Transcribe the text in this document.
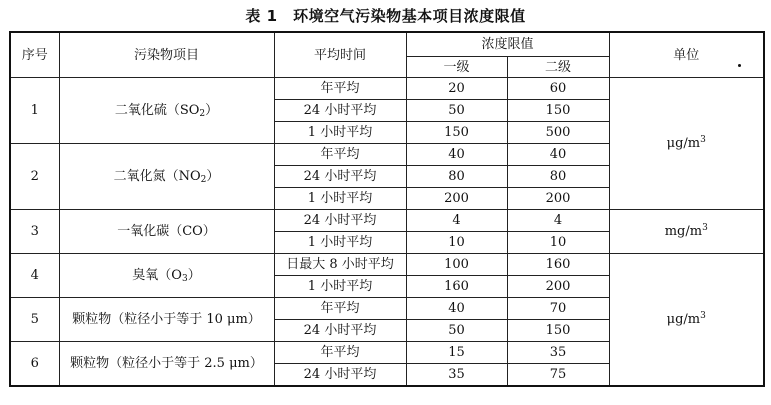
表 1　环境空气污染物基本项目浓度限值
序号	污染物项目	平均时间	浓度限值		单位
			一级	二级	
1	二氧化硫$(SO_2)$	年平均	20	60	$\mu g/m^3$
		24 小时平均	50	150	
		1 小时平均	150	500	
2	二氧化氮$(NO_2)$	年平均	40	40	
		24 小时平均	80	80	
		1 小时平均	200	200	
3	一氧化碳（CO）	24 小时平均	4	4	$mg/m^3$
		1 小时平均	10	10	
4	臭氧$(O_3)$	日最大 8 小时平均	100	160	$\mu g/m^3$
		1 小时平均	160	200	
5	颗粒物（粒径小于等于 10 μm）	年平均	40	70	
		24 小时平均	50	150	
6	颗粒物（粒径小于等于 2.5 μm）	年平均	15	35	
		24 小时平均	35	75	
